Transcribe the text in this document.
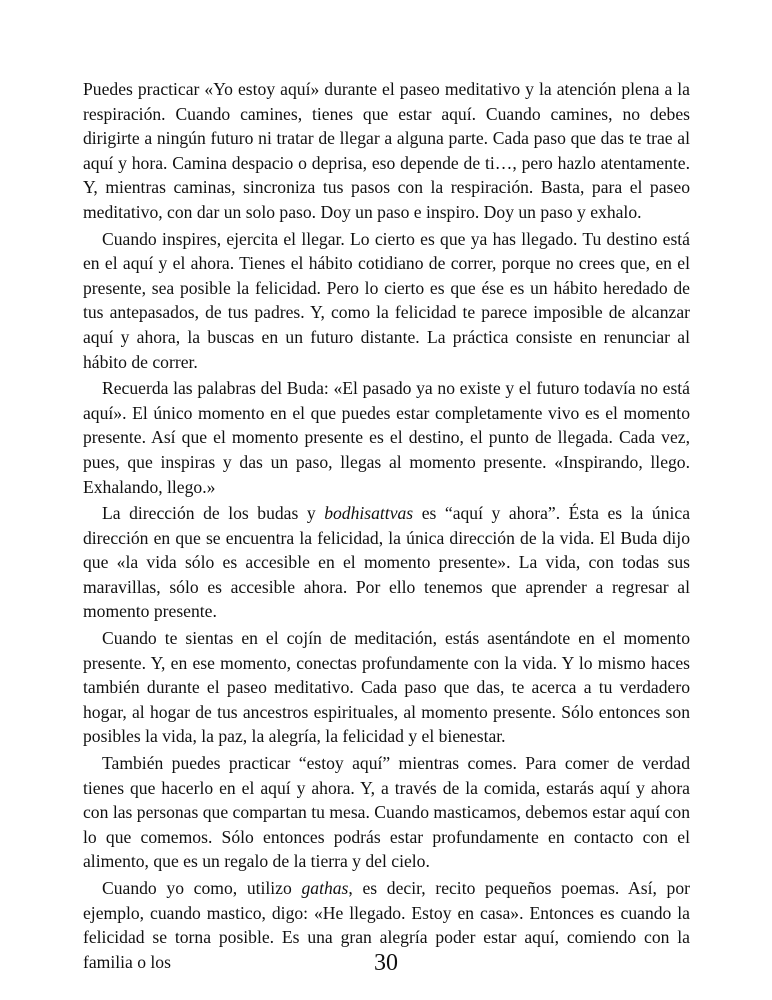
Puedes practicar «Yo estoy aquí» durante el paseo meditativo y la atención plena a la respiración. Cuando camines, tienes que estar aquí. Cuando camines, no debes dirigirte a ningún futuro ni tratar de llegar a alguna parte. Cada paso que das te trae al aquí y hora. Camina despacio o deprisa, eso depende de ti…, pero hazlo atentamente. Y, mientras caminas, sincroniza tus pasos con la respiración. Basta, para el paseo meditativo, con dar un solo paso. Doy un paso e inspiro. Doy un paso y exhalo.

Cuando inspires, ejercita el llegar. Lo cierto es que ya has llegado. Tu destino está en el aquí y el ahora. Tienes el hábito cotidiano de correr, porque no crees que, en el presente, sea posible la felicidad. Pero lo cierto es que ése es un hábito heredado de tus antepasados, de tus padres. Y, como la felicidad te parece imposible de alcanzar aquí y ahora, la buscas en un futuro distante. La práctica consiste en renunciar al hábito de correr.

Recuerda las palabras del Buda: «El pasado ya no existe y el futuro todavía no está aquí». El único momento en el que puedes estar completamente vivo es el momento presente. Así que el momento presente es el destino, el punto de llegada. Cada vez, pues, que inspiras y das un paso, llegas al momento presente. «Inspirando, llego. Exhalando, llego.»

La dirección de los budas y bodhisattvas es “aquí y ahora”. Ésta es la única dirección en que se encuentra la felicidad, la única dirección de la vida. El Buda dijo que «la vida sólo es accesible en el momento presente». La vida, con todas sus maravillas, sólo es accesible ahora. Por ello tenemos que aprender a regresar al momento presente.

Cuando te sientas en el cojín de meditación, estás asentándote en el momento presente. Y, en ese momento, conectas profundamente con la vida. Y lo mismo haces también durante el paseo meditativo. Cada paso que das, te acerca a tu verdadero hogar, al hogar de tus ancestros espirituales, al momento presente. Sólo entonces son posibles la vida, la paz, la alegría, la felicidad y el bienestar.

También puedes practicar “estoy aquí” mientras comes. Para comer de verdad tienes que hacerlo en el aquí y ahora. Y, a través de la comida, estarás aquí y ahora con las personas que compartan tu mesa. Cuando masticamos, debemos estar aquí con lo que comemos. Sólo entonces podrás estar profundamente en contacto con el alimento, que es un regalo de la tierra y del cielo.

Cuando yo como, utilizo gathas, es decir, recito pequeños poemas. Así, por ejemplo, cuando mastico, digo: «He llegado. Estoy en casa». Entonces es cuando la felicidad se torna posible. Es una gran alegría poder estar aquí, comiendo con la familia o los	30
